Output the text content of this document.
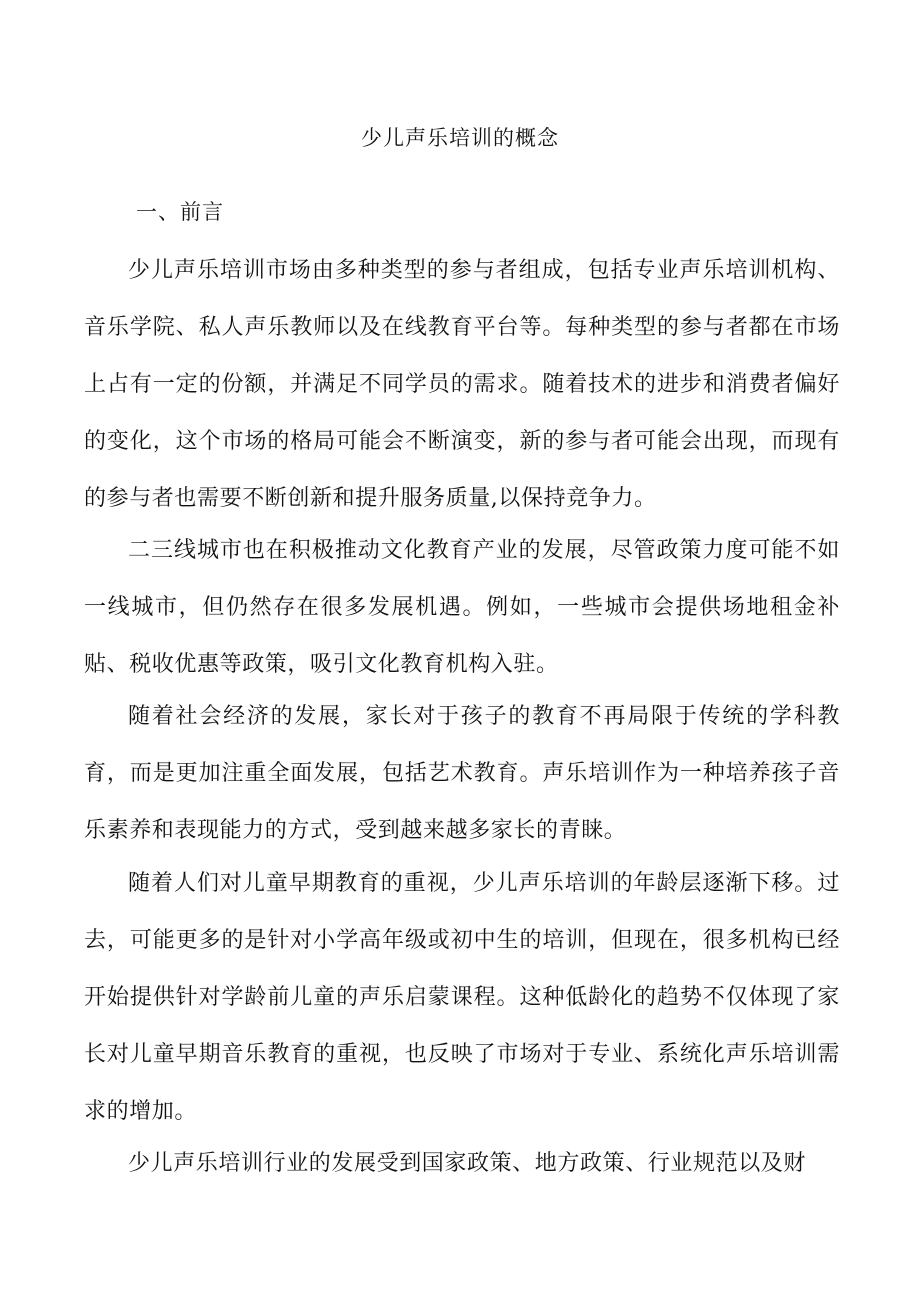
少儿声乐培训的概念
一、前言

少儿声乐培训市场由多种类型的参与者组成，包括专业声乐培训机构、音乐学院、私人声乐教师以及在线教育平台等。每种类型的参与者都在市场上占有一定的份额，并满足不同学员的需求。随着技术的进步和消费者偏好的变化，这个市场的格局可能会不断演变，新的参与者可能会出现，而现有的参与者也需要不断创新和提升服务质量,以保持竞争力。

二三线城市也在积极推动文化教育产业的发展，尽管政策力度可能不如一线城市，但仍然存在很多发展机遇。例如，一些城市会提供场地租金补贴、税收优惠等政策，吸引文化教育机构入驻。

随着社会经济的发展，家长对于孩子的教育不再局限于传统的学科教育，而是更加注重全面发展，包括艺术教育。声乐培训作为一种培养孩子音乐素养和表现能力的方式，受到越来越多家长的青睐。

随着人们对儿童早期教育的重视，少儿声乐培训的年龄层逐渐下移。过去，可能更多的是针对小学高年级或初中生的培训，但现在，很多机构已经开始提供针对学龄前儿童的声乐启蒙课程。这种低龄化的趋势不仅体现了家长对儿童早期音乐教育的重视，也反映了市场对于专业、系统化声乐培训需求的增加。

少儿声乐培训行业的发展受到国家政策、地方政策、行业规范以及财
